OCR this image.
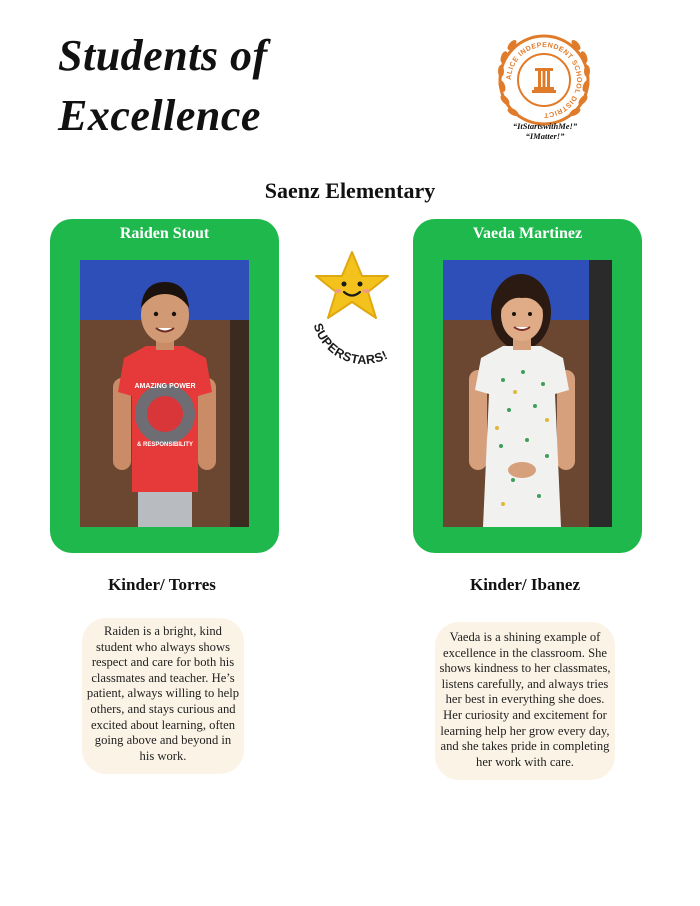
Students of
Excellence
ALICE INDEPENDENT SCHOOL DISTRICT
“ItStartswithMe!”
“IMatter!”
Saenz Elementary
Raiden Stout
AMAZING POWER
& RESPONSIBILITY
Vaeda Martinez
SUPERSTARS!
Kinder/ Torres	Kinder/ Ibanez
Raiden is a bright, kind student who always shows respect and care for both his classmates and teacher. He’s patient, always willing to help others, and stays curious and excited about learning, often going above and beyond in his work.
Vaeda is a shining example of excellence in the classroom. She shows kindness to her classmates, listens carefully, and always tries her best in everything she does. Her curiosity and excitement for learning help her grow every day, and she takes pride in completing her work with care.
